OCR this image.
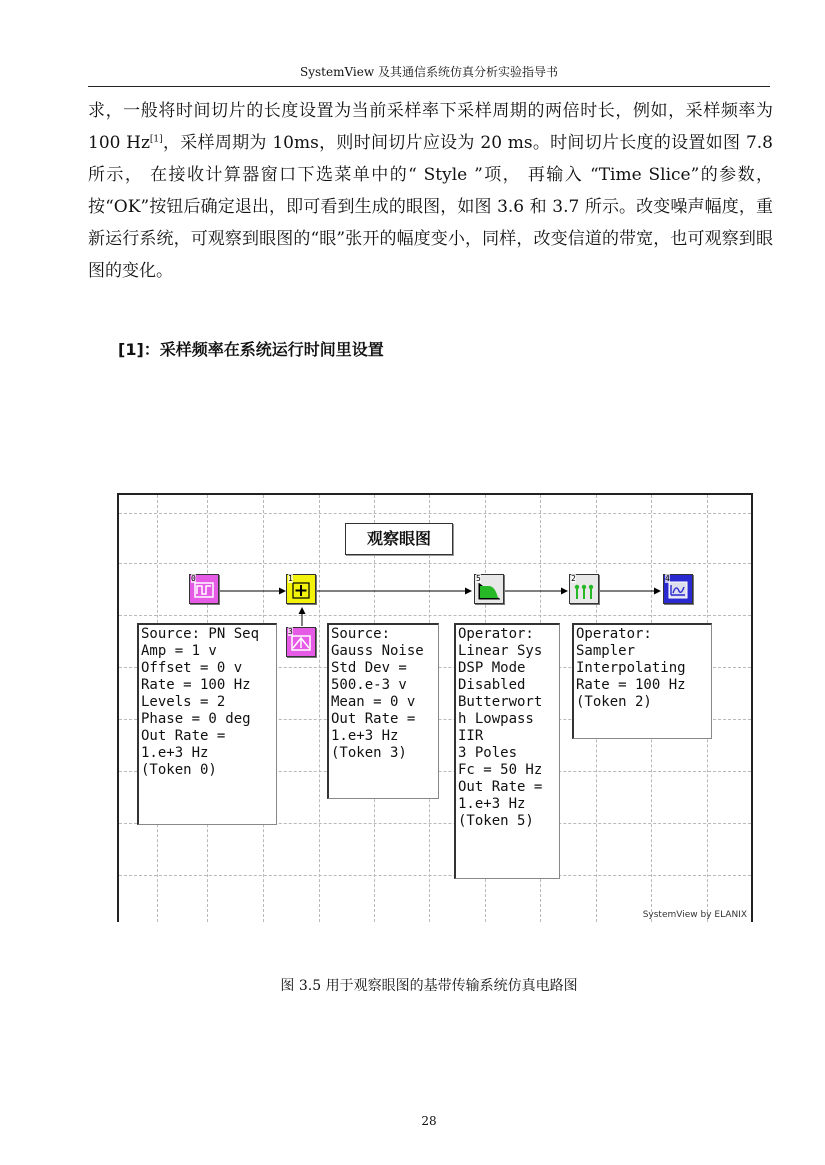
SystemView 及其通信系统仿真分析实验指导书

求，一般将时间切片的长度设置为当前采样率下采样周期的两倍时长，例如，采样频率为 100 Hz[1]，采样周期为 10ms，则时间切片应设为 20 ms。时间切片长度的设置如图 7.8 所示， 在接收计算器窗口下选菜单中的“ Style ”项， 再输入 “Time Slice”的参数，按“OK”按钮后确定退出，即可看到生成的眼图，如图 3.6 和 3.7 所示。改变噪声幅度，重新运行系统，可观察到眼图的“眼”张开的幅度变小，同样，改变信道的带宽，也可观察到眼图的变化。

[1]：采样频率在系统运行时间里设置
观察眼图
0	1
3
5	2	4
Source: PN Seq
Amp = 1 v
Offset = 0 v
Rate = 100 Hz
Levels = 2
Phase = 0 deg
Out Rate =
1.e+3 Hz
(Token 0)
Source:
Gauss Noise
Std Dev =
500.e-3 v
Mean = 0 v
Out Rate =
1.e+3 Hz
(Token 3)
Operator:
Linear Sys
DSP Mode
Disabled
Butterwort
h Lowpass
IIR
3 Poles
Fc = 50 Hz
Out Rate =
1.e+3 Hz
(Token 5)
Operator:
Sampler
Interpolating
Rate = 100 Hz
(Token 2)
SystemView by ELANIX
图 3.5 用于观察眼图的基带传输系统仿真电路图
28
